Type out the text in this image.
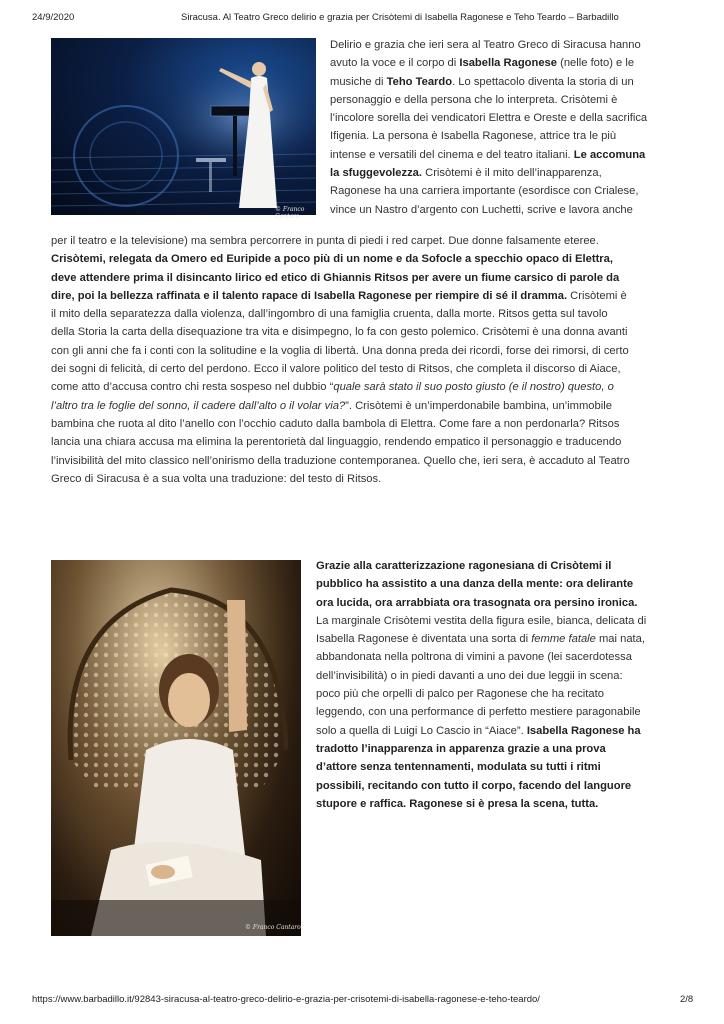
24/9/2020	Siracusa. Al Teatro Greco delirio e grazia per Crisòtemi di Isabella Ragonese e Teho Teardo – Barbadillo
© Franco Cantaro

Delirio e grazia che ieri sera al Teatro Greco di Siracusa hanno
avuto la voce e il corpo di Isabella Ragonese (nelle foto) e le
musiche di Teho Teardo. Lo spettacolo diventa la storia di un
personaggio e della persona che lo interpreta. Crisòtemi è
l’incolore sorella dei vendicatori Elettra e Oreste e della sacrifica
Ifigenia. La persona è Isabella Ragonese, attrice tra le più
intense e versatili del cinema e del teatro italiani. Le accomuna
la sfuggevolezza. Crisòtemi è il mito dell’inapparenza,
Ragonese ha una carriera importante (esordisce con Crialese,
vince un Nastro d’argento con Luchetti, scrive e lavora anche

per il teatro e la televisione) ma sembra percorrere in punta di piedi i red carpet. Due donne falsamente eteree.
Crisòtemi, relegata da Omero ed Euripide a poco più di un nome e da Sofocle a specchio opaco di Elettra,
deve attendere prima il disincanto lirico ed etico di Ghiannis Ritsos per avere un fiume carsico di parole da
dire, poi la bellezza raffinata e il talento rapace di Isabella Ragonese per riempire di sé il dramma. Crisòtemi è
il mito della separatezza dalla violenza, dall’ingombro di una famiglia cruenta, dalla morte. Ritsos getta sul tavolo
della Storia la carta della disequazione tra vita e disimpegno, lo fa con gesto polemico. Crisòtemi è una donna avanti
con gli anni che fa i conti con la solitudine e la voglia di libertà. Una donna preda dei ricordi, forse dei rimorsi, di certo
dei sogni di felicità, di certo del perdono. Ecco il valore politico del testo di Ritsos, che completa il discorso di Aiace,
come atto d’accusa contro chi resta sospeso nel dubbio “quale sarà stato il suo posto giusto (e il nostro) questo, o
l’altro tra le foglie del sonno, il cadere dall’alto o il volar via?”. Crisòtemi è un’imperdonabile bambina, un’immobile
bambina che ruota al dito l’anello con l’occhio caduto dalla bambola di Elettra. Come fare a non perdonarla? Ritsos
lancia una chiara accusa ma elimina la perentorietà dal linguaggio, rendendo empatico il personaggio e traducendo
l’invisibilità del mito classico nell’onirismo della traduzione contemporanea. Quello che, ieri sera, è accaduto al Teatro
Greco di Siracusa è a sua volta una traduzione: del testo di Ritsos.

© Franco Cantaro

Grazie alla caratterizzazione ragonesiana di Crisòtemi il
pubblico ha assistito a una danza della mente: ora delirante
ora lucida, ora arrabbiata ora trasognata ora persino ironica.
La marginale Crisòtemi vestita della figura esile, bianca, delicata di
Isabella Ragonese è diventata una sorta di femme fatale mai nata,
abbandonata nella poltrona di vimini a pavone (lei sacerdotessa
dell’invisibilità) o in piedi davanti a uno dei due leggii in scena:
poco più che orpelli di palco per Ragonese che ha recitato
leggendo, con una performance di perfetto mestiere paragonabile
solo a quella di Luigi Lo Cascio in “Aiace”. Isabella Ragonese ha
tradotto l’inapparenza in apparenza grazie a una prova
d’attore senza tentennamenti, modulata su tutti i ritmi
possibili, recitando con tutto il corpo, facendo del languore
stupore e raffica. Ragonese si è presa la scena, tutta.

https://www.barbadillo.it/92843-siracusa-al-teatro-greco-delirio-e-grazia-per-crisotemi-di-isabella-ragonese-e-teho-teardo/	2/8
